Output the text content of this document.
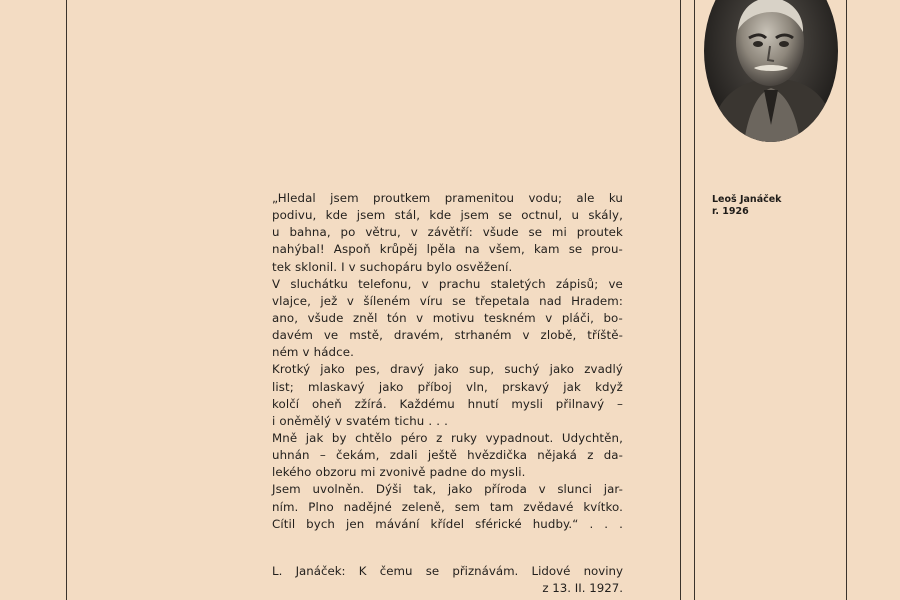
Leoš Janáček
r. 1926
„Hledal jsem proutkem pramenitou vodu; ale ku
podivu, kde jsem stál, kde jsem se octnul, u skály,
u bahna, po větru, v závětří: všude se mi proutek
nahýbal! Aspoň krůpěj lpěla na všem, kam se prou-
tek sklonil. I v suchopáru bylo osvěžení.
V sluchátku telefonu, v prachu staletých zápisů; ve
vlajce, jež v šíleném víru se třepetala nad Hradem:
ano, všude zněl tón v motivu teskném v pláči, bo-
davém ve mstě, dravém, strhaném v zlobě, tříště-
ném v hádce.
Krotký jako pes, dravý jako sup, suchý jako zvadlý
list; mlaskavý jako příboj vln, prskavý jak když
kolčí oheň zžírá. Každému hnutí mysli přilnavý –
i oněmělý v svatém tichu . . .
Mně jak by chtělo péro z ruky vypadnout. Udychtěn,
uhnán – čekám, zdali ještě hvězdička nějaká z da-
lekého obzoru mi zvonivě padne do mysli.
Jsem uvolněn. Dýši tak, jako příroda v slunci jar-
ním. Plno nadějné zeleně, sem tam zvědavé kvítko.
Cítil bych jen mávání křídel sférické hudby.“ . . .
L. Janáček: K čemu se přiznávám. Lidové noviny
z 13. II. 1927.
